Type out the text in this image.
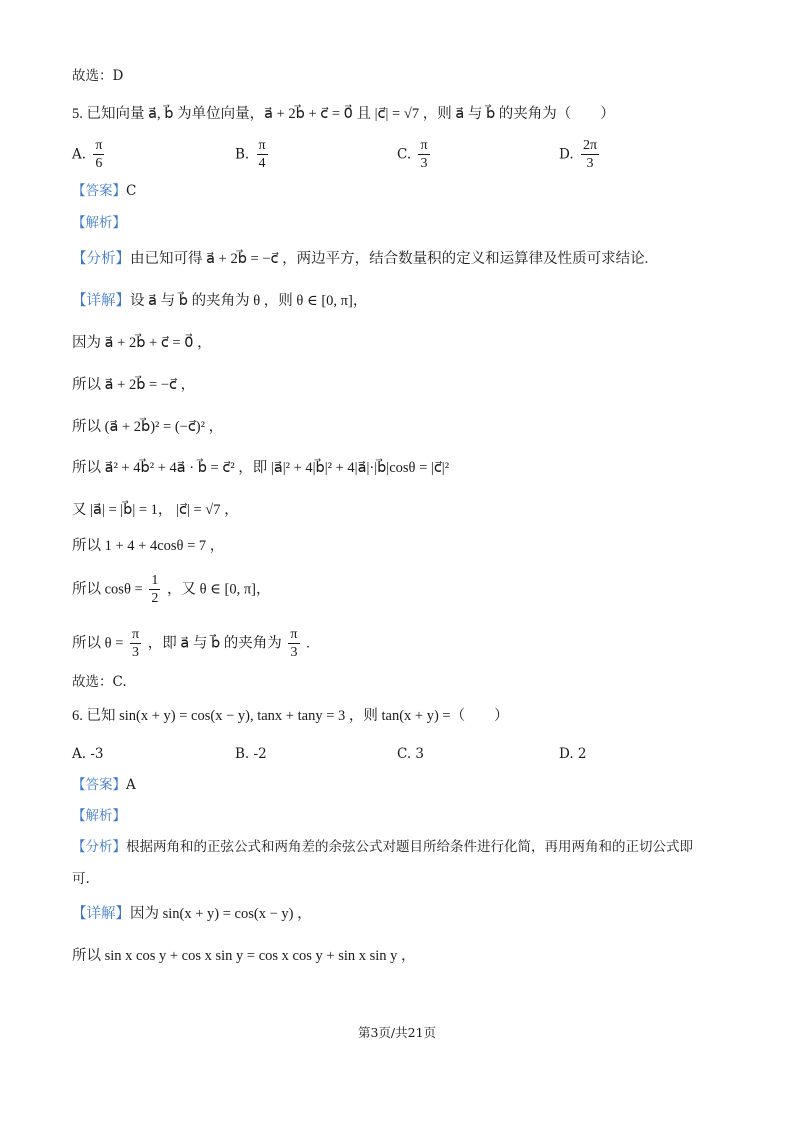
故选：D
5. 已知向量 a⃗, b⃗ 为单位向量，a⃗ + 2b⃗ + c⃗ = 0⃗ 且 |c⃗| = √7 ，则 a⃗ 与 b⃗ 的夹角为（　　）
A. $\frac{\pi}{6}$	B. $\frac{\pi}{4}$	C. $\frac{\pi}{3}$	D. $\frac{2\pi}{3}$
【答案】C
【解析】
【分析】由已知可得 a⃗ + 2b⃗ = −c⃗ ，两边平方，结合数量积的定义和运算律及性质可求结论.
【详解】设 a⃗ 与 b⃗ 的夹角为 θ ，则 θ ∈ [0, π]，
因为 a⃗ + 2b⃗ + c⃗ = 0⃗ ，
所以 a⃗ + 2b⃗ = −c⃗ ，
所以 (a⃗ + 2b⃗)² = (−c⃗)² ，
所以 a⃗² + 4b⃗² + 4a⃗ · b⃗ = c⃗² ，即 |a⃗|² + 4|b⃗|² + 4|a⃗|·|b⃗|cosθ = |c⃗|²
又 |a⃗| = |b⃗| = 1， |c⃗| = √7 ，
所以 1 + 4 + 4cosθ = 7 ，
所以 $\cos\theta = \frac{1}{2}$ ，又 θ ∈ [0, π]，
所以 $\theta = \frac{\pi}{3}$ ，即 a⃗ 与 b⃗ 的夹角为 $\frac{\pi}{3}$ .
故选：C.
6. 已知 sin(x + y) = cos(x − y), tanx + tany = 3 ，则 tan(x + y) =（　　）
A. -3	B. -2	C. 3	D. 2
【答案】A
【解析】
【分析】根据两角和的正弦公式和两角差的余弦公式对题目所给条件进行化简，再用两角和的正切公式即
可.
【详解】因为 sin(x + y) = cos(x − y) ，
所以 sin x cos y + cos x sin y = cos x cos y + sin x sin y ，
第3页/共21页
